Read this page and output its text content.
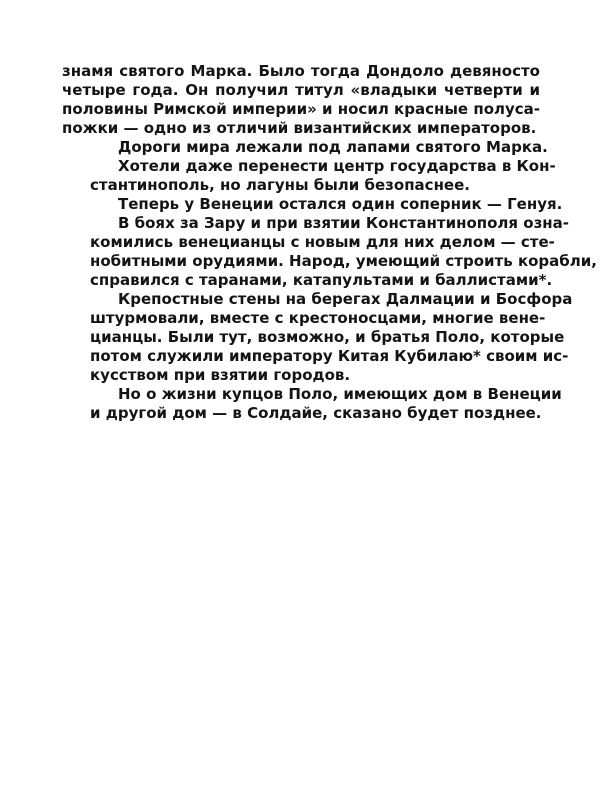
знамя святого Марка. Было тогда Дондоло девяносто
четыре года. Он получил титул «владыки четверти и
половины Римской империи» и носил красные полуса-
пожки — одно из отличий византийских императоров.

Дороги мира лежали под лапами святого Марка.

Хотели даже перенести центр государства в Кон-
стантинополь, но лагуны были безопаснее.

Теперь у Венеции остался один соперник — Генуя.

В боях за Зару и при взятии Константинополя озна-
комились венецианцы с новым для них делом — сте-
нобитными орудиями. Народ, умеющий строить корабли,
справился с таранами, катапультами и баллистами*.

Крепостные стены на берегах Далмации и Босфора
штурмовали, вместе с крестоносцами, многие вене-
цианцы. Были тут, возможно, и братья Поло, которые
потом служили императору Китая Кубилаю* своим ис-
кусством при взятии городов.

Но о жизни купцов Поло, имеющих дом в Венеции
и другой дом — в Солдайе, сказано будет позднее.
